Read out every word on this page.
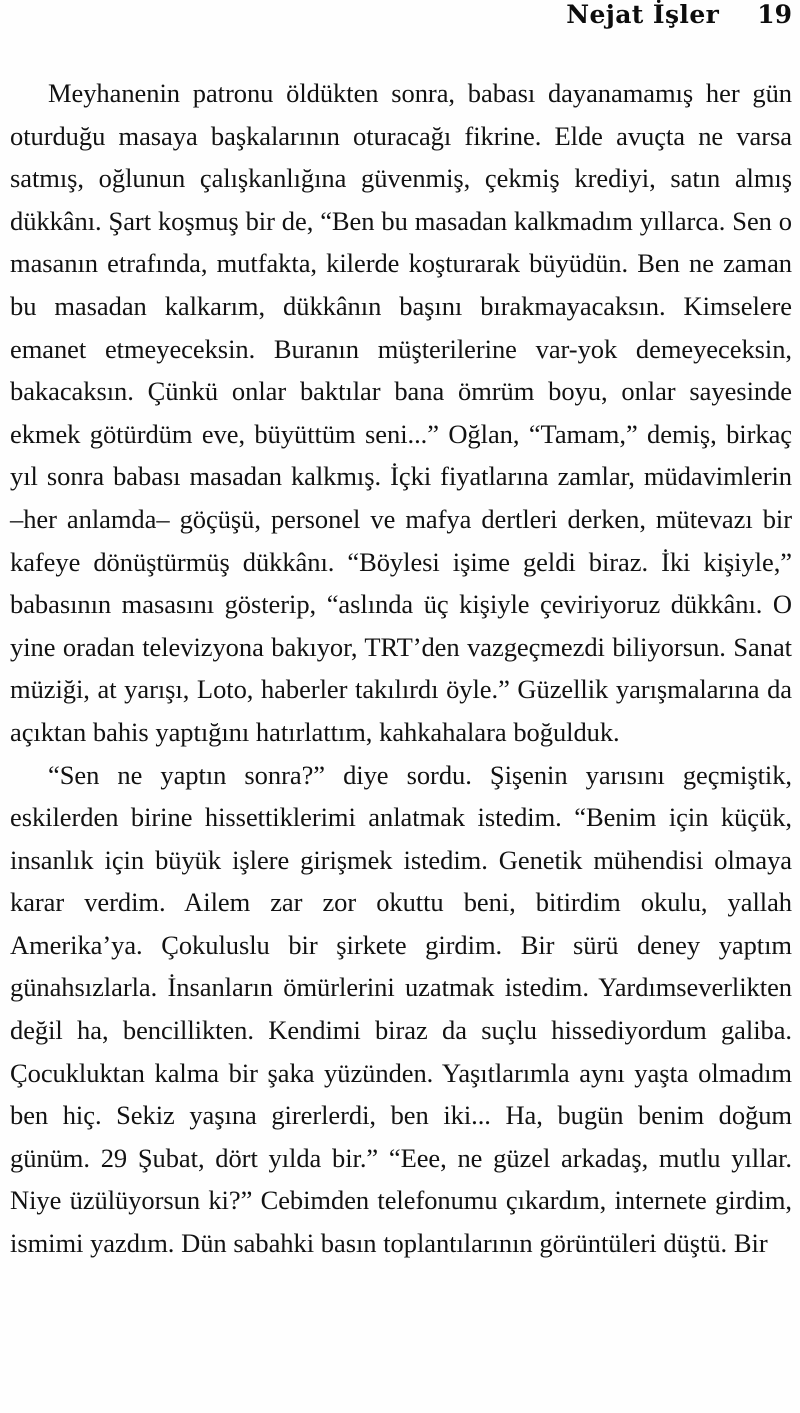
Nejat İşler 19

Meyhanenin patronu öldükten sonra, babası dayanamamış her gün oturduğu masaya başkalarının oturacağı fikrine. Elde avuçta ne varsa satmış, oğlunun çalışkanlığına güvenmiş, çekmiş krediyi, satın almış dükkânı. Şart koşmuş bir de, “Ben bu masadan kalkmadım yıllarca. Sen o masanın etrafında, mutfakta, kilerde koşturarak büyüdün. Ben ne zaman bu masadan kalkarım, dükkânın başını bırakmayacaksın. Kimselere emanet etmeyeceksin. Buranın müşterilerine var-yok demeyeceksin, bakacaksın. Çünkü onlar baktılar bana ömrüm boyu, onlar sayesinde ekmek götürdüm eve, büyüttüm seni...” Oğlan, “Tamam,” demiş, birkaç yıl sonra babası masadan kalkmış. İçki fiyatlarına zamlar, müdavimlerin –her anlamda– göçüşü, personel ve mafya dertleri derken, mütevazı bir kafeye dönüştürmüş dükkânı. “Böylesi işime geldi biraz. İki kişiyle,” babasının masasını gösterip, “aslında üç kişiyle çeviriyoruz dükkânı. O yine oradan televizyona bakıyor, TRT’den vazgeçmezdi biliyorsun. Sanat müziği, at yarışı, Loto, haberler takılırdı öyle.” Güzellik yarışmalarına da açıktan bahis yaptığını hatırlattım, kahkahalara boğulduk.

“Sen ne yaptın sonra?” diye sordu. Şişenin yarısını geçmiştik, eskilerden birine hissettiklerimi anlatmak istedim. “Benim için küçük, insanlık için büyük işlere girişmek istedim. Genetik mühendisi olmaya karar verdim. Ailem zar zor okuttu beni, bitirdim okulu, yallah Amerika’ya. Çokuluslu bir şirkete girdim. Bir sürü deney yaptım günahsızlarla. İnsanların ömürlerini uzatmak istedim. Yardımseverlikten değil ha, bencillikten. Kendimi biraz da suçlu hissediyordum galiba. Çocukluktan kalma bir şaka yüzünden. Yaşıtlarımla aynı yaşta olmadım ben hiç. Sekiz yaşına girerlerdi, ben iki... Ha, bugün benim doğum günüm. 29 Şubat, dört yılda bir.” “Eee, ne güzel arkadaş, mutlu yıllar. Niye üzülüyorsun ki?” Cebimden telefonumu çıkardım, internete girdim, ismimi yazdım. Dün sabahki basın toplantılarının görüntüleri düştü. Bir
